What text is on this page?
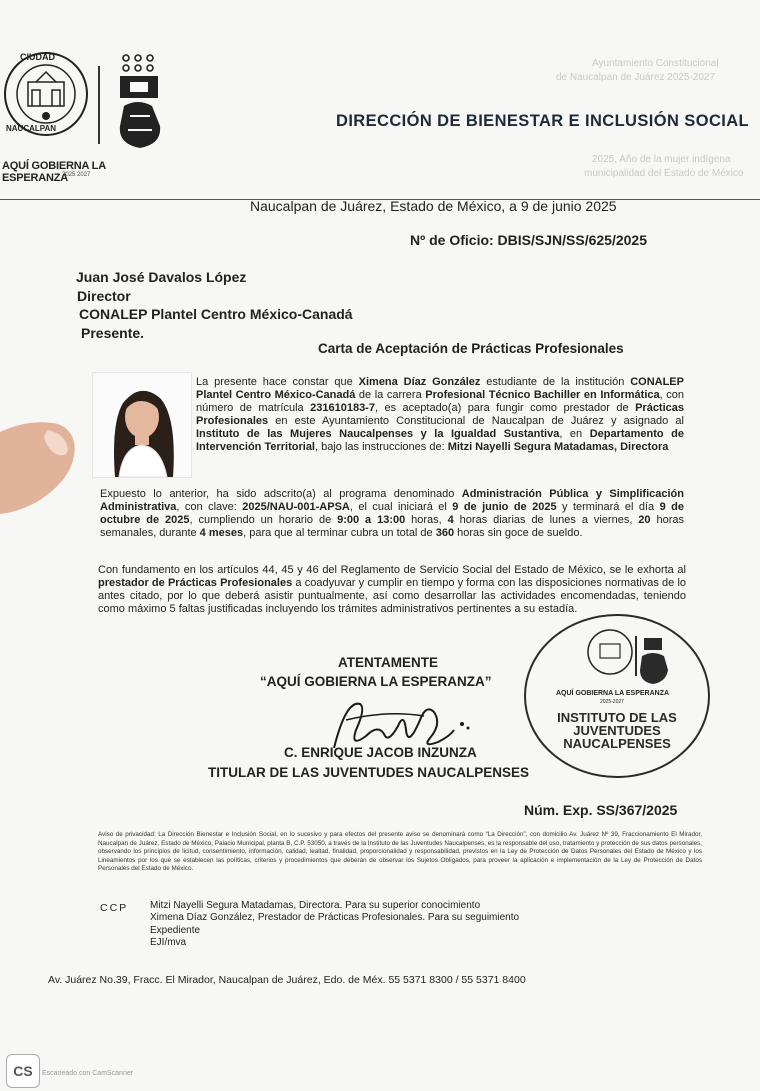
CIUDAD
NAUCALPAN
AQUÍ GOBIERNA LA ESPERANZA
2025 2027
Ayuntamiento Constitucional
de Naucalpan de Juárez 2025-2027
DIRECCIÓN DE BIENESTAR E INCLUSIÓN SOCIAL
2025, Año de la mujer indígena
municipalidad del Estado de México
Naucalpan de Juárez, Estado de México, a 9 de junio 2025
Nº de Oficio: DBIS/SJN/SS/625/2025
Juan José Davalos López
Director
CONALEP Plantel Centro México-Canadá
Presente.
Carta de Aceptación de Prácticas Profesionales
La presente hace constar que Ximena Díaz González estudiante de la institución CONALEP Plantel Centro México-Canadá de la carrera Profesional Técnico Bachiller en Informática, con número de matrícula 231610183-7, es aceptado(a) para fungir como prestador de Prácticas Profesionales en este Ayuntamiento Constitucional de Naucalpan de Juárez y asignado al Instituto de las Mujeres Naucalpenses y la Igualdad Sustantiva, en Departamento de Intervención Territorial, bajo las instrucciones de: Mitzi Nayelli Segura Matadamas, Directora
Expuesto lo anterior, ha sido adscrito(a) al programa denominado Administración Pública y Simplificación Administrativa, con clave: 2025/NAU-001-APSA, el cual iniciará el 9 de junio de 2025 y terminará el día 9 de octubre de 2025, cumpliendo un horario de 9:00 a 13:00 horas, 4 horas diarias de lunes a viernes, 20 horas semanales, durante 4 meses, para que al terminar cubra un total de 360 horas sin goce de sueldo.
Con fundamento en los artículos 44, 45 y 46 del Reglamento de Servicio Social del Estado de México, se le exhorta al prestador de Prácticas Profesionales a coadyuvar y cumplir en tiempo y forma con las disposiciones normativas de lo antes citado, por lo que deberá asistir puntualmente, así como desarrollar las actividades encomendadas, teniendo como máximo 5 faltas justificadas incluyendo los trámites administrativos pertinentes a su estadía.
AQUÍ GOBIERNA LA ESPERANZA
2025-2027
INSTITUTO DE LAS
JUVENTUDES
NAUCALPENSES
ATENTAMENTE
“AQUÍ GOBIERNA LA ESPERANZA”
C. ENRIQUE JACOB INZUNZA
TITULAR DE LAS JUVENTUDES NAUCALPENSES
Núm. Exp. SS/367/2025
Aviso de privacidad: La Dirección Bienestar e Inclusión Social, en lo sucesivo y para efectos del presente aviso se denominará como “La Dirección”, con domicilio Av. Juárez Nº 39, Fraccionamiento El Mirador, Naucalpan de Juárez, Estado de México, Palacio Municipal, planta B, C.P. 53050, a través de la Instituto de las Juventudes Naucalpenses, es la responsable del uso, tratamiento y protección de sus datos personales, observando los principios de licitud, consentimiento, información, calidad, lealtad, finalidad, proporcionalidad y responsabilidad, previstos en la Ley de Protección de Datos Personales del Estado de México y los Lineamientos por los que se establecen las políticas, criterios y procedimientos que deberán de observar los Sujetos Obligados, para proveer la aplicación e implementación de la Ley de Protección de Datos Personales del Estado de México.
CCP Mitzi Nayelli Segura Matadamas, Directora. Para su superior conocimiento
Ximena Díaz González, Prestador de Prácticas Profesionales. Para su seguimiento
Expediente
EJI/mva
Av. Juárez No.39, Fracc. El Mirador, Naucalpan de Juárez, Edo. de Méx. 55 5371 8300 / 55 5371 8400
CS	Escaneado con CamScanner
